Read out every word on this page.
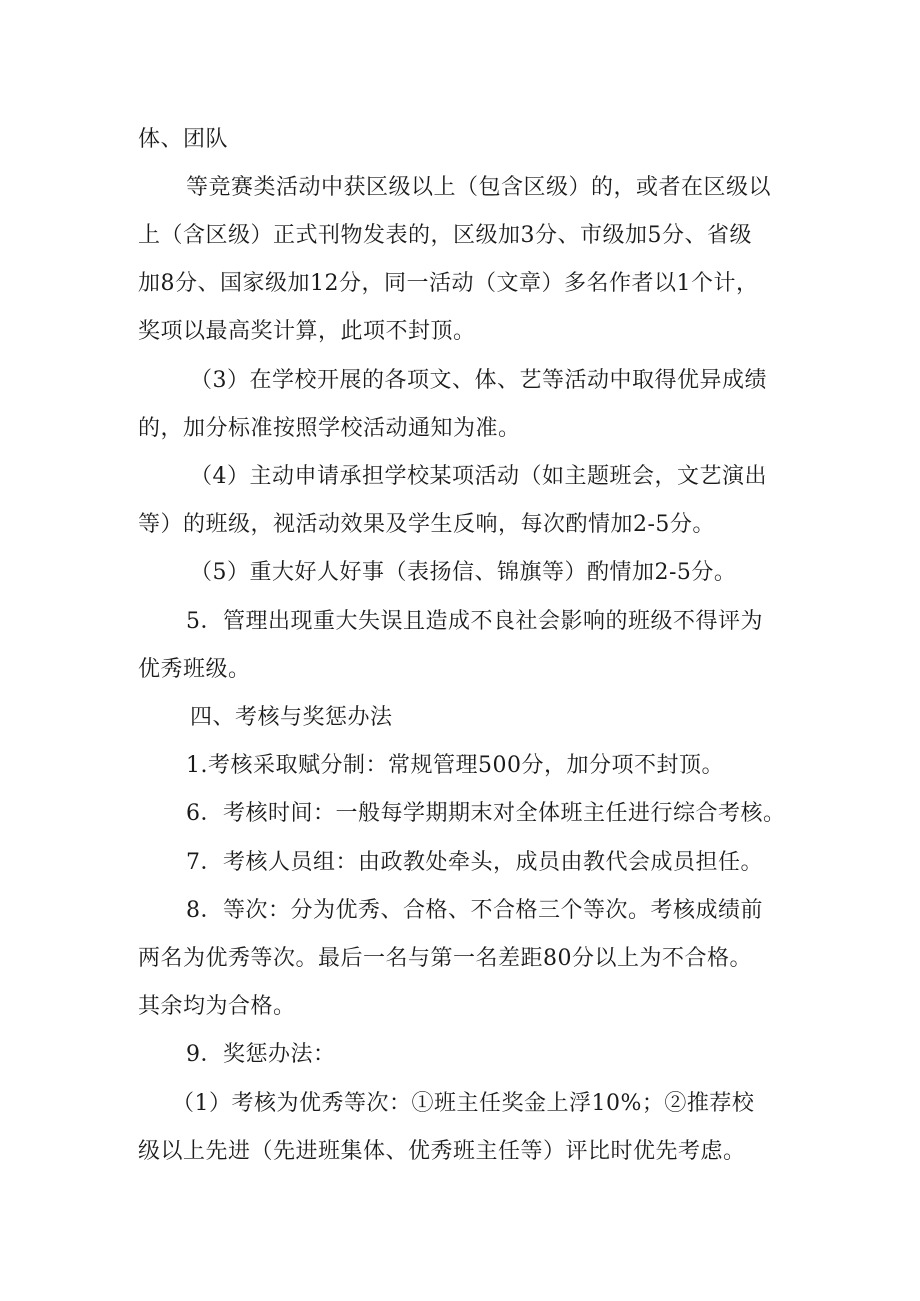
体、团队
等竞赛类活动中获区级以上（包含区级）的，或者在区级以
上（含区级）正式刊物发表的，区级加3分、市级加5分、省级
加8分、国家级加12分，同一活动（文章）多名作者以1个计，
奖项以最高奖计算，此项不封顶。
（3）在学校开展的各项文、体、艺等活动中取得优异成绩
的，加分标准按照学校活动通知为准。
（4）主动申请承担学校某项活动（如主题班会，文艺演出
等）的班级，视活动效果及学生反响，每次酌情加2-5分。
（5）重大好人好事（表扬信、锦旗等）酌情加2-5分。
5．管理出现重大失误且造成不良社会影响的班级不得评为
优秀班级。
四、考核与奖惩办法
1.考核采取赋分制：常规管理500分，加分项不封顶。
6．考核时间：一般每学期期末对全体班主任进行综合考核。
7．考核人员组：由政教处牵头，成员由教代会成员担任。
8．等次：分为优秀、合格、不合格三个等次。考核成绩前
两名为优秀等次。最后一名与第一名差距80分以上为不合格。
其余均为合格。
9．奖惩办法：
（1）考核为优秀等次：①班主任奖金上浮10%；②推荐校
级以上先进（先进班集体、优秀班主任等）评比时优先考虑。
